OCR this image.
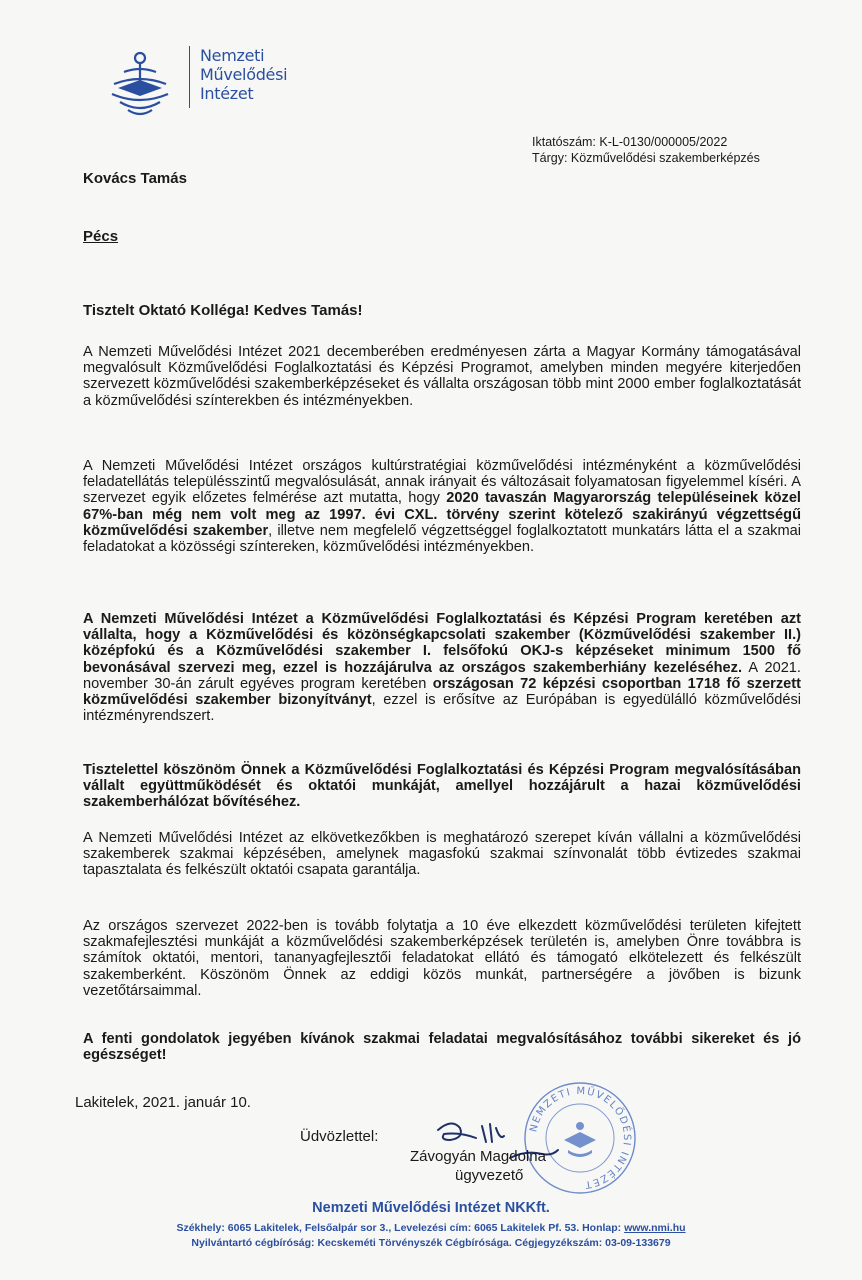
Nemzeti
Művelődési
Intézet
Iktatószám: K-L-0130/000005/2022
Tárgy: Közművelődési szakemberképzés
Kovács Tamás
Pécs
Tisztelt Oktató Kolléga! Kedves Tamás!
A Nemzeti Művelődési Intézet 2021 decemberében eredményesen zárta a Magyar Kormány támogatásával megvalósult Közművelődési Foglalkoztatási és Képzési Programot, amelyben minden megyére kiterjedően szervezett közművelődési szakemberképzéseket és vállalta országosan több mint 2000 ember foglalkoztatását a közművelődési színterekben és intézményekben.
A Nemzeti Művelődési Intézet országos kultúrstratégiai közművelődési intézményként a közművelődési feladatellátás településszintű megvalósulását, annak irányait és változásait folyamatosan figyelemmel kíséri. A szervezet egyik előzetes felmérése azt mutatta, hogy 2020 tavaszán Magyarország településeinek közel 67%-ban még nem volt meg az 1997. évi CXL. törvény szerint kötelező szakirányú végzettségű közművelődési szakember, illetve nem megfelelő végzettséggel foglalkoztatott munkatárs látta el a szakmai feladatokat a közösségi színtereken, közművelődési intézményekben.
A Nemzeti Művelődési Intézet a Közművelődési Foglalkoztatási és Képzési Program keretében azt vállalta, hogy a Közművelődési és közönségkapcsolati szakember (Közművelődési szakember II.) középfokú és a Közművelődési szakember I. felsőfokú OKJ-s képzéseket minimum 1500 fő bevonásával szervezi meg, ezzel is hozzájárulva az országos szakemberhiány kezeléséhez. A 2021. november 30-án zárult egyéves program keretében országosan 72 képzési csoportban 1718 fő szerzett közművelődési szakember bizonyítványt, ezzel is erősítve az Európában is egyedülálló közművelődési intézményrendszert.
Tisztelettel köszönöm Önnek a Közművelődési Foglalkoztatási és Képzési Program megvalósításában vállalt együttműködését és oktatói munkáját, amellyel hozzájárult a hazai közművelődési szakemberhálózat bővítéséhez.
A Nemzeti Művelődési Intézet az elkövetkezőkben is meghatározó szerepet kíván vállalni a közművelődési szakemberek szakmai képzésében, amelynek magasfokú szakmai színvonalát több évtizedes szakmai tapasztalata és felkészült oktatói csapata garantálja.
Az országos szervezet 2022-ben is tovább folytatja a 10 éve elkezdett közművelődési területen kifejtett szakmafejlesztési munkáját a közművelődési szakemberképzések területén is, amelyben Önre továbbra is számítok oktatói, mentori, tananyagfejlesztői feladatokat ellátó és támogató elkötelezett és felkészült szakemberként. Köszönöm Önnek az eddigi közös munkát, partnerségére a jövőben is bizunk vezetőtársaimmal.
A fenti gondolatok jegyében kívánok szakmai feladatai megvalósításához további sikereket és jó egészséget!
Lakitelek, 2021. január 10.
Üdvözlettel:
NEMZETI MŰVELŐDÉSI INTÉZET
Závogyán Magdolna
ügyvezető
Nemzeti Művelődési Intézet NKKft.
Székhely: 6065 Lakitelek, Felsőalpár sor 3., Levelezési cím: 6065 Lakitelek Pf. 53. Honlap: www.nmi.hu
Nyilvántartó cégbíróság: Kecskeméti Törvényszék Cégbírósága. Cégjegyzékszám: 03-09-133679
